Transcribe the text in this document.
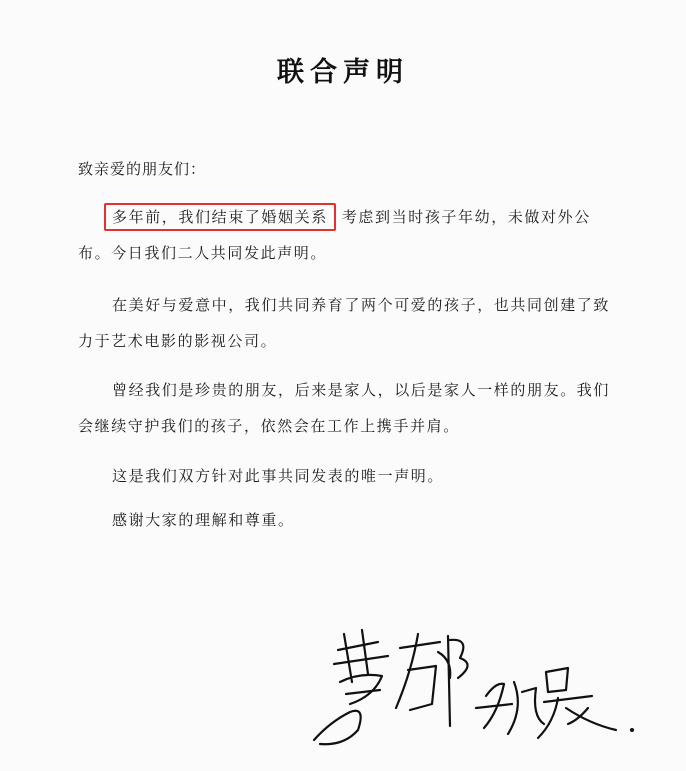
联合声明
致亲爱的朋友们：
多年前，我们结束了婚姻关系 考虑到当时孩子年幼，未做对外公布。今日我们二人共同发此声明。
在美好与爱意中，我们共同养育了两个可爱的孩子，也共同创建了致力于艺术电影的影视公司。
曾经我们是珍贵的朋友，后来是家人，以后是家人一样的朋友。我们会继续守护我们的孩子，依然会在工作上携手并肩。
这是我们双方针对此事共同发表的唯一声明。
感谢大家的理解和尊重。
